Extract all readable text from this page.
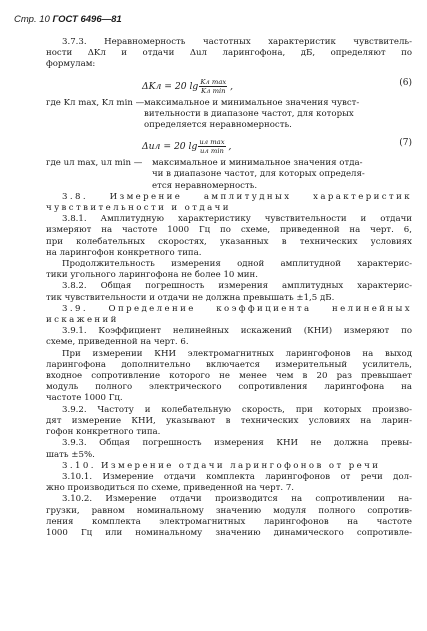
Стр. 10 ГОСТ 6496—81

3.7.3. Неравномерность частотных характеристик чувствитель-

ности ΔKл и отдачи Δuл ларингофона, дБ, определяют по

формулам:

ΔKл = 20 $\lg \frac{\text{Kл max}}{\text{Kл min}}$ ,	(6)
где Kл max, Kл min — максимальное и минимальное значения чувст-

вительности в диапазоне частот, для которых

определяется неравномерность.

Δuл = 20 $\lg \frac{\text{uл max}}{\text{uл min}}$ ,	(7)
где uл max, uл min — максимальное и минимальное значения отда-

чи в диапазоне частот, для которых определя-

ется неравномерность.

3.8. Измерение амплитудных характеристик

чувствительности и отдачи

3.8.1. Амплитудную характеристику чувствительности и отдачи

измеряют на частоте 1000 Гц по схеме, приведенной на черт. 6,

при колебательных скоростях, указанных в технических условиях

на ларингофон конкретного типа.

Продолжительность измерения одной амплитудной характерис-

тики угольного ларингофона не более 10 мин.

3.8.2. Общая погрешность измерения амплитудных характерис-

тик чувствительности и отдачи не должна превышать ±1,5 дБ.

3.9. Определение коэффициента нелинейных

искажений

3.9.1. Коэффициент нелинейных искажений (КНИ) измеряют по

схеме, приведенной на черт. 6.

При измерении КНИ электромагнитных ларингофонов на выход

ларингофона дополнительно включается измерительный усилитель,

входное сопротивление которого не менее чем в 20 раз превышает

модуль полного электрического сопротивления ларингофона на

частоте 1000 Гц.

3.9.2. Частоту и колебательную скорость, при которых произво-

дят измерение КНИ, указывают в технических условиях на ларин-

гофон конкретного типа.

3.9.3. Общая погрешность измерения КНИ не должна превы-

шать ±5%.

3.10. Измерение отдачи ларингофонов от речи

3.10.1. Измерение отдачи комплекта ларингофонов от речи дол-

жно производиться по схеме, приведенной на черт. 7.

3.10.2. Измерение отдачи производится на сопротивлении на-

грузки, равном номинальному значению модуля полного сопротив-

ления комплекта электромагнитных ларингофонов на частоте

1000 Гц или номинальному значению динамического сопротивле-
